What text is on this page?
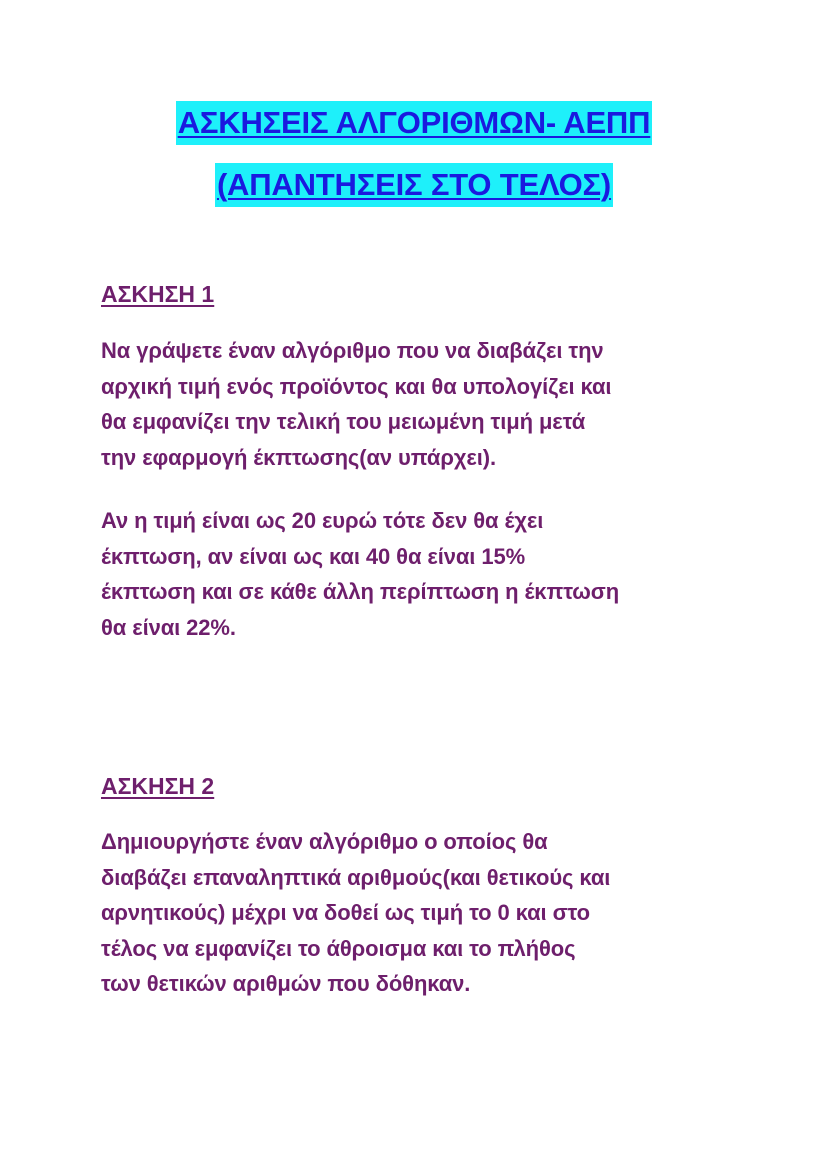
ΑΣΚΗΣΕΙΣ ΑΛΓΟΡΙΘΜΩΝ- ΑΕΠΠ
(ΑΠΑΝΤΗΣΕΙΣ ΣΤΟ ΤΕΛΟΣ)
ΑΣΚΗΣΗ 1

Να γράψετε έναν αλγόριθμο που να διαβάζει την
αρχική τιμή ενός προϊόντος και θα υπολογίζει και
θα εμφανίζει την τελική του μειωμένη τιμή μετά
την εφαρμογή έκπτωσης(αν υπάρχει).

Αν η τιμή είναι ως 20 ευρώ τότε δεν θα έχει
έκπτωση, αν είναι ως και 40 θα είναι 15%
έκπτωση και σε κάθε άλλη περίπτωση η έκπτωση
θα είναι 22%.

ΑΣΚΗΣΗ 2

Δημιουργήστε έναν αλγόριθμο ο οποίος θα
διαβάζει επαναληπτικά αριθμούς(και θετικούς και
αρνητικούς) μέχρι να δοθεί ως τιμή το 0 και στο
τέλος να εμφανίζει το άθροισμα και το πλήθος
των θετικών αριθμών που δόθηκαν.
